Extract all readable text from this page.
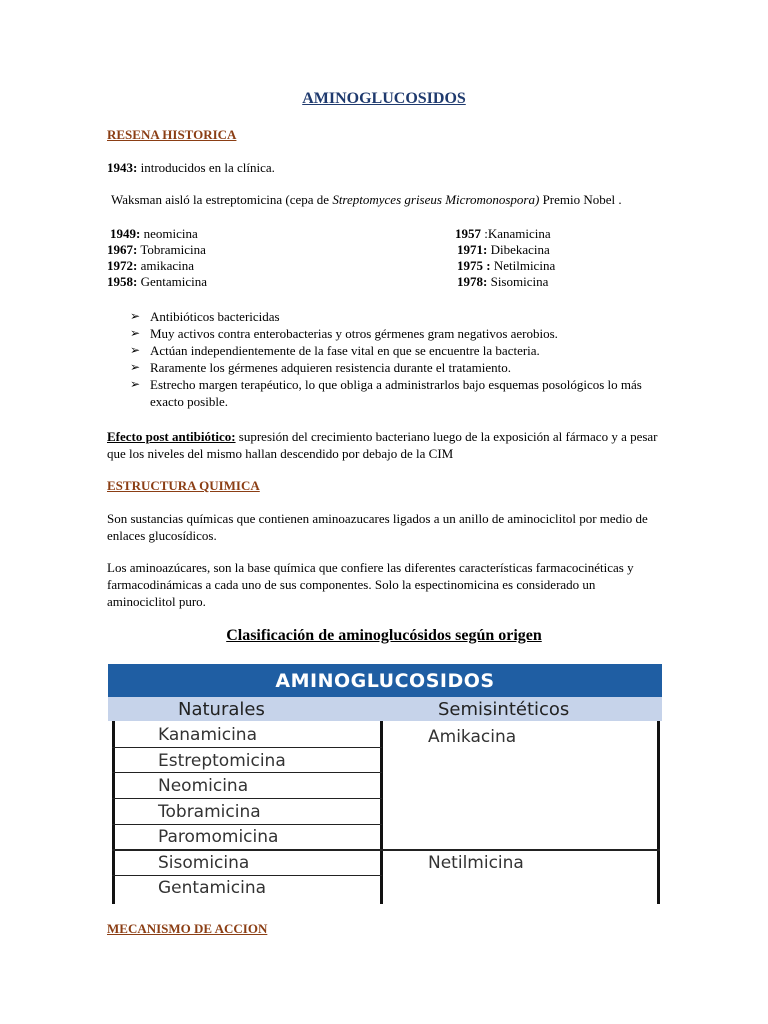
AMINOGLUCOSIDOS
RESENA HISTORICA
1943: introducidos en la clínica.
Waksman aisló la estreptomicina (cepa de Streptomyces griseus Micromonospora) Premio Nobel .
1949: neomicina
1967: Tobramicina
1972: amikacina
1958: Gentamicina
1957 :Kanamicina
1971: Dibekacina
1975 : Netilmicina
1978: Sisomicina
➢ Antibióticos bactericidas
➢ Muy activos contra enterobacterias y otros gérmenes gram negativos aerobios.
➢ Actúan independientemente de la fase vital en que se encuentre la bacteria.
➢ Raramente los gérmenes adquieren resistencia durante el tratamiento.
➢ Estrecho margen terapéutico, lo que obliga a administrarlos bajo esquemas posológicos lo más exacto posible.
Efecto post antibiótico: supresión del crecimiento bacteriano luego de la exposición al fármaco y a pesar que los niveles del mismo hallan descendido por debajo de la CIM
ESTRUCTURA QUIMICA
Son sustancias químicas que contienen aminoazucares ligados a un anillo de aminociclitol por medio de enlaces glucosídicos.
Los aminoazúcares, son la base química que confiere las diferentes características farmacocinéticas y farmacodinámicas a cada uno de sus componentes. Solo la espectinomicina es considerado un aminociclitol puro.
Clasificación de aminoglucósidos según origen
AMINOGLUCOSIDOS
Naturales	Semisintéticos
Kanamicina
Estreptomicina
Neomicina
Tobramicina
Paromomicina
Sisomicina
Gentamicina
Amikacina
Netilmicina
MECANISMO DE ACCION
